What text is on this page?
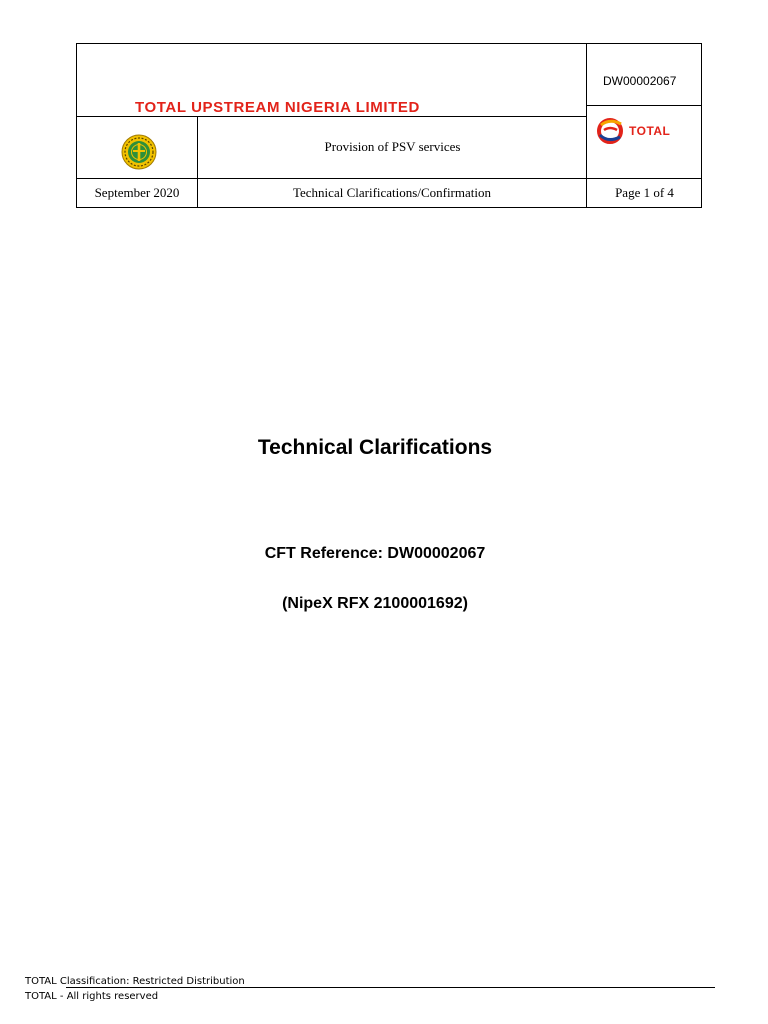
DW00002067
TOTAL UPSTREAM NIGERIA LIMITED
Provision of PSV services
TOTAL
September 2020	Technical Clarifications/Confirmation	Page 1 of 4
Technical Clarifications
CFT Reference: DW00002067
(NipeX RFX 2100001692)
TOTAL Classification: Restricted Distribution
TOTAL - All rights reserved
